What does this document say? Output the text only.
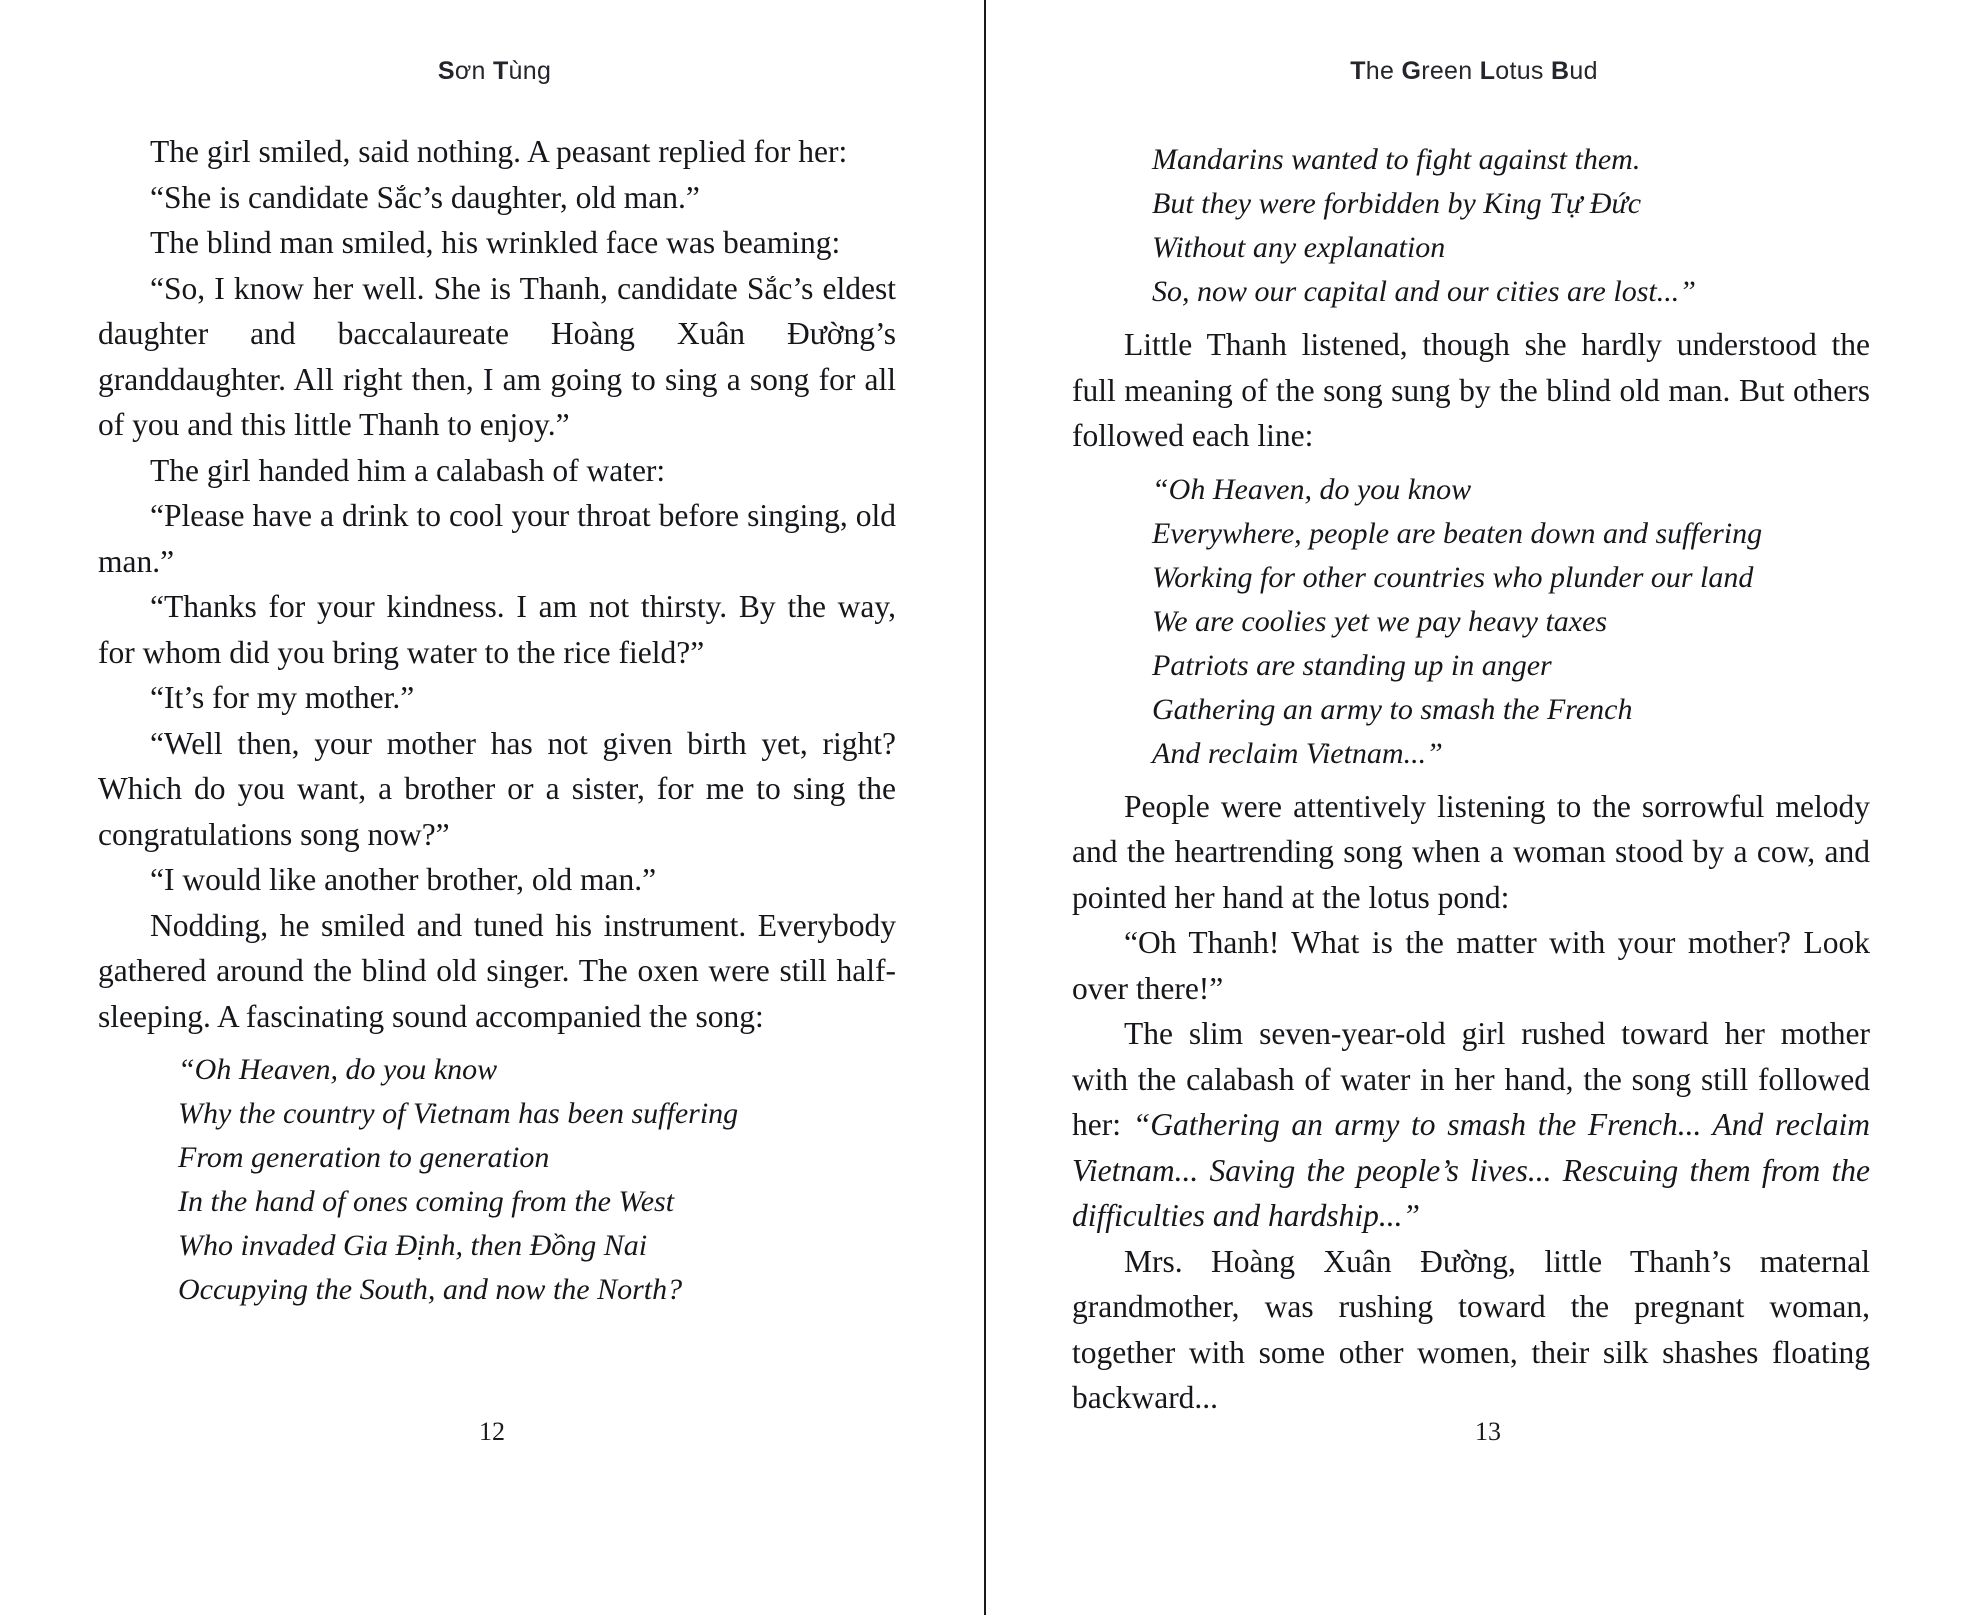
Sơn Tùng

The girl smiled, said nothing. A peasant replied for her:

“She is candidate Sắc’s daughter, old man.”

The blind man smiled, his wrinkled face was beaming:

“So, I know her well. She is Thanh, candidate Sắc’s eldest daughter and baccalaureate Hoàng Xuân Đường’s granddaughter. All right then, I am going to sing a song for all of you and this little Thanh to enjoy.”

The girl handed him a calabash of water:

“Please have a drink to cool your throat before singing, old man.”

“Thanks for your kindness. I am not thirsty. By the way, for whom did you bring water to the rice field?”

“It’s for my mother.”

“Well then, your mother has not given birth yet, right? Which do you want, a brother or a sister, for me to sing the congratulations song now?”

“I would like another brother, old man.”

Nodding, he smiled and tuned his instrument. Everybody gathered around the blind old singer. The oxen were still half-sleeping. A fascinating sound accompanied the song:

“Oh Heaven, do you know
Why the country of Vietnam has been suffering
From generation to generation
In the hand of ones coming from the West
Who invaded Gia Định, then Đồng Nai
Occupying the South, and now the North?
12
The Green Lotus Bud
Mandarins wanted to fight against them.
But they were forbidden by King Tự Đức
Without any explanation
So, now our capital and our cities are lost...”

Little Thanh listened, though she hardly understood the full meaning of the song sung by the blind old man. But others followed each line:

“Oh Heaven, do you know
Everywhere, people are beaten down and suffering
Working for other countries who plunder our land
We are coolies yet we pay heavy taxes
Patriots are standing up in anger
Gathering an army to smash the French
And reclaim Vietnam...”

People were attentively listening to the sorrowful melody and the heartrending song when a woman stood by a cow, and pointed her hand at the lotus pond:

“Oh Thanh! What is the matter with your mother? Look over there!”

The slim seven-year-old girl rushed toward her mother with the calabash of water in her hand, the song still followed her: “Gathering an army to smash the French... And reclaim Vietnam... Saving the people’s lives... Rescuing them from the difficulties and hardship...”

Mrs. Hoàng Xuân Đường, little Thanh’s maternal grandmother, was rushing toward the pregnant woman, together with some other women, their silk shashes floating backward...

13
